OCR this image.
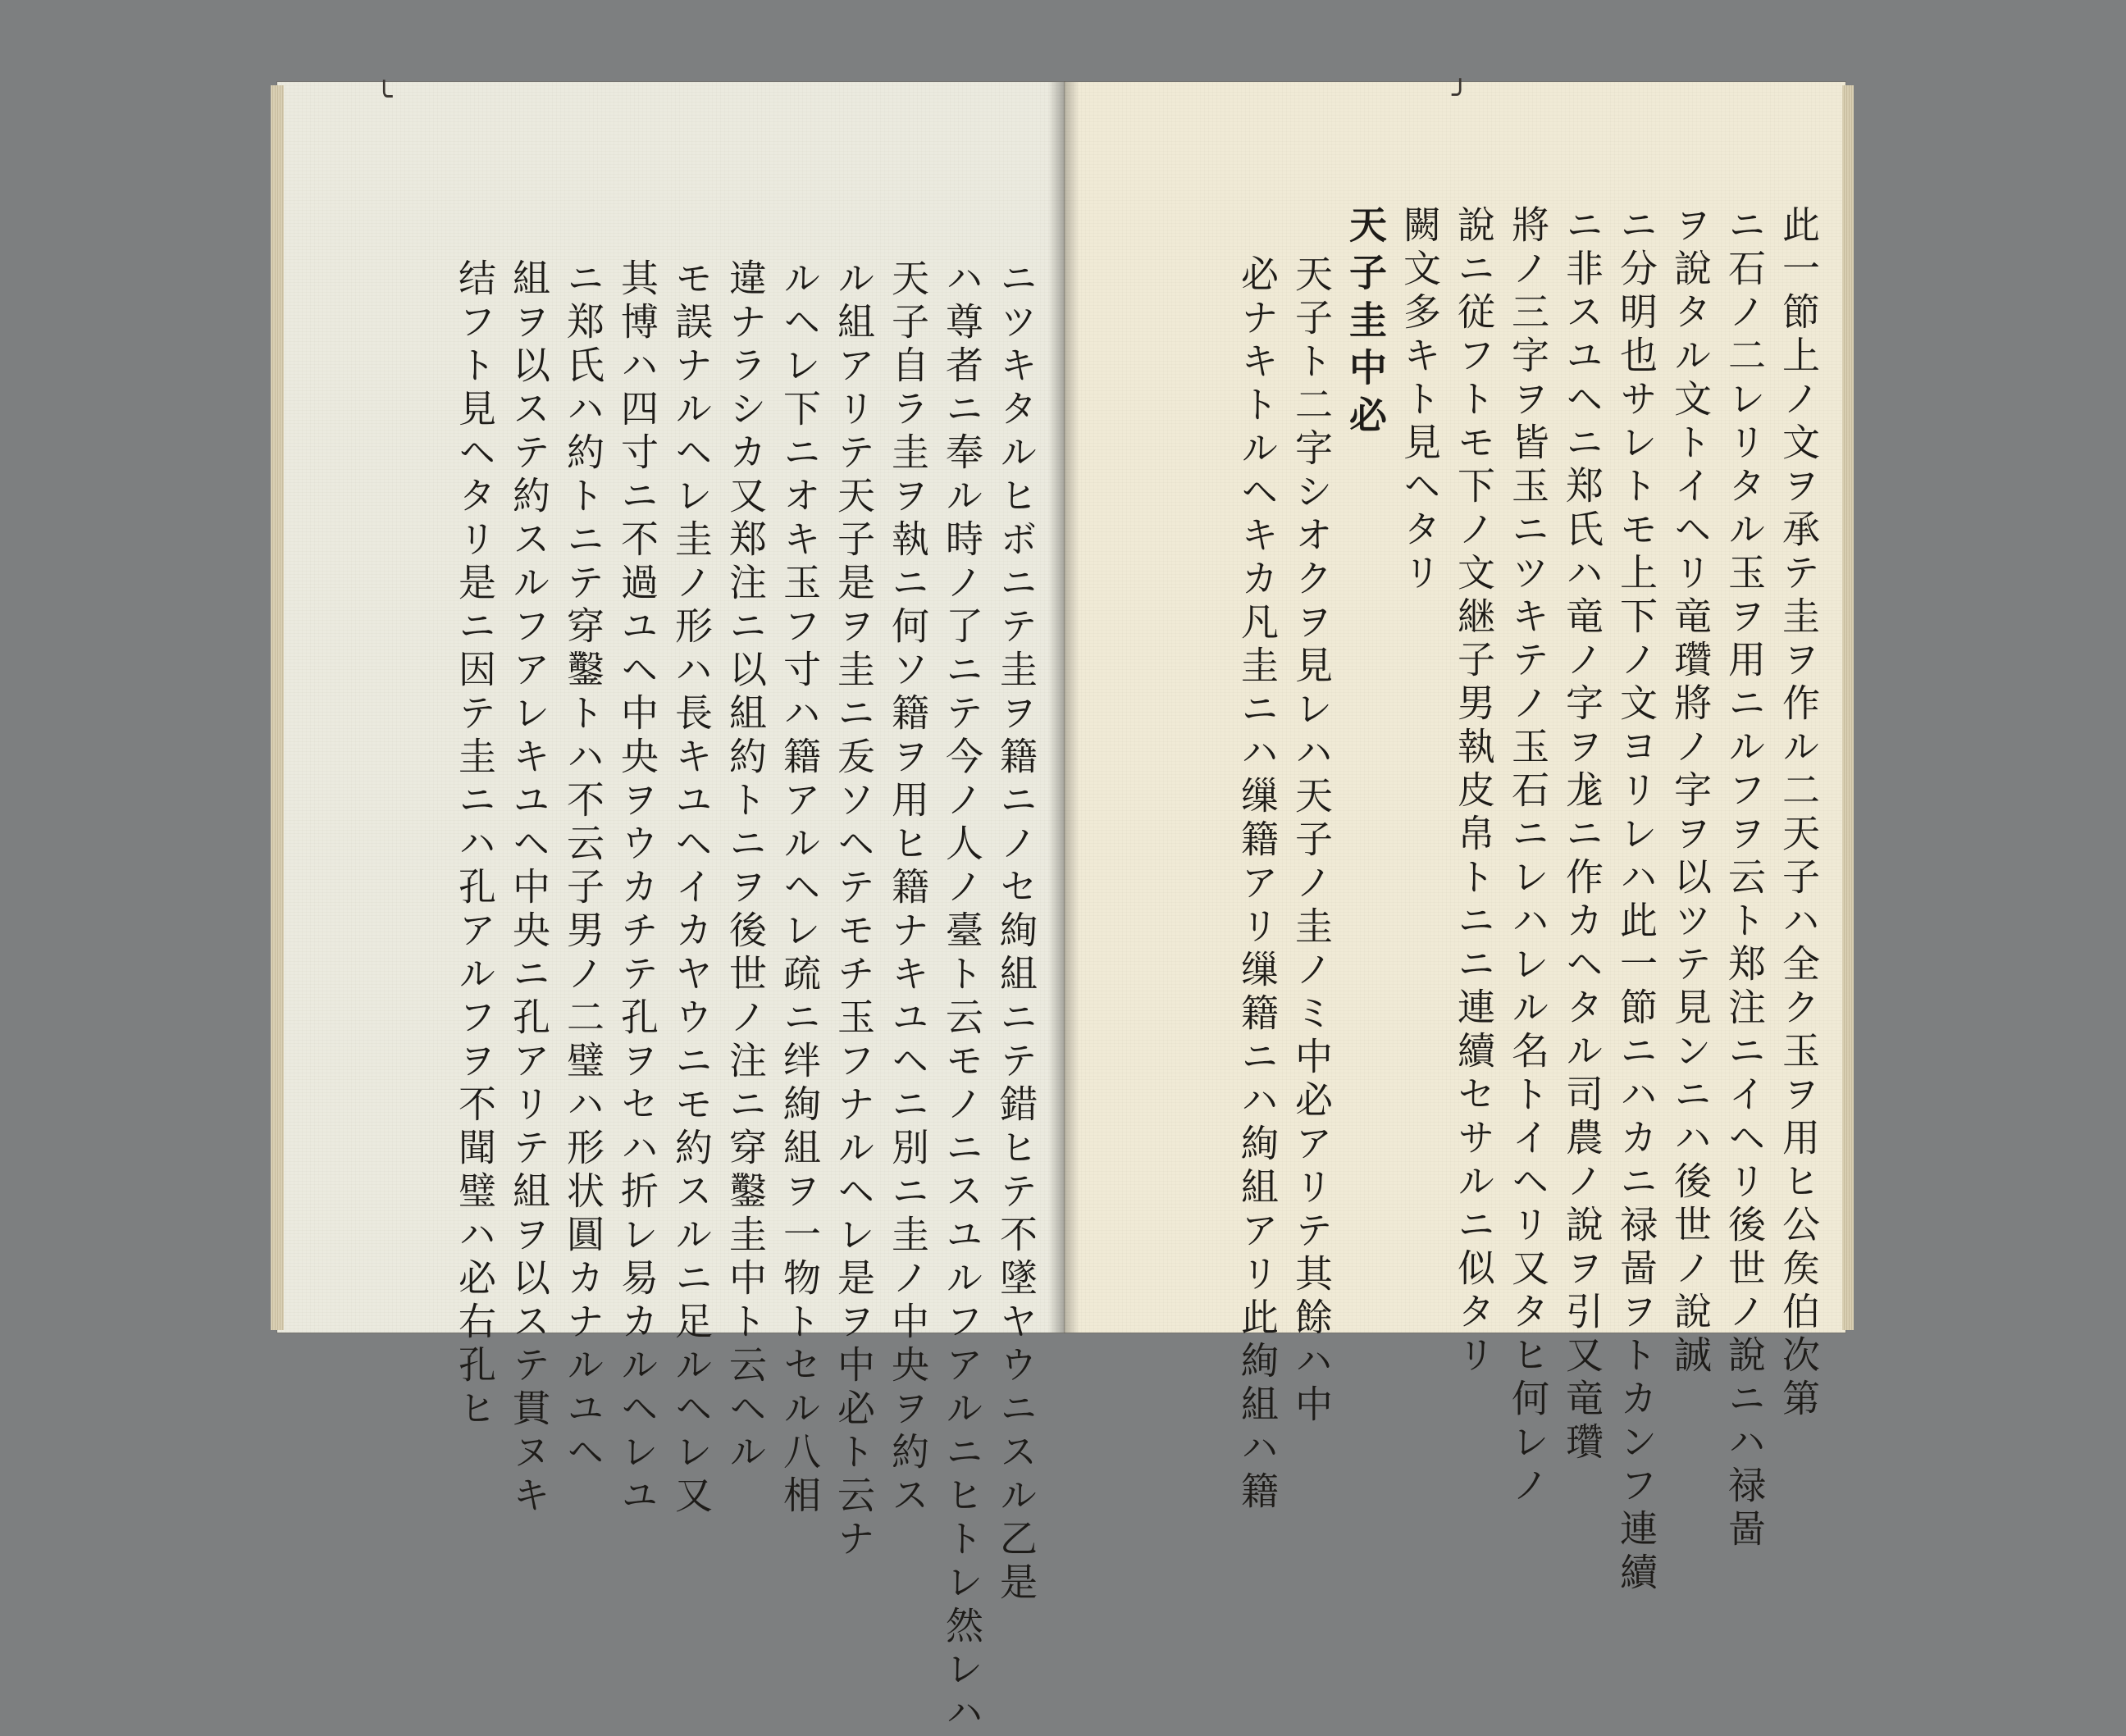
╰
ニツキタルヒボニテ圭ヲ籍ニノセ絢組ニテ錯ヒテ不墜ヤウニスル乙是
ハ尊者ニ奉ル時ノ了ニテ今ノ人ノ臺ト云モノニスユルフアルニヒトレ然レハ
天子自ラ圭ヲ執ニ何ソ籍ヲ用ヒ籍ナキユヘニ別ニ圭ノ中央ヲ約ス
ル組アリテ天子是ヲ圭ニ叐ソヘテモチ玉フナルヘレ是ヲ中必ト云ナ
ルヘレ下ニオキ玉フ寸ハ籍アルヘレ疏ニ绊絢組ヲ一物トセル八相
違ナラシカ又郑注ニ以組約トニヲ後世ノ注ニ穿鑿圭中ト云ヘル
モ誤ナルヘレ圭ノ形ハ長キユヘイカヤウニモ約スルニ足ルヘレ又
其博ハ四寸ニ不過ユヘ中央ヲウカチテ孔ヲセハ折レ易カルヘレユ
ニ郑氏ハ約トニテ穿鑿トハ不云子男ノ二璧ハ形状圓カナルユヘ
組ヲ以ステ約スルフアレキユヘ中央ニ孔アリテ組ヲ以ステ貫ヌキ
结フト見ヘタリ是ニ因テ圭ニハ孔アルフヲ不聞璧ハ必右孔ヒ
╯
此一節上ノ文ヲ承テ圭ヲ作ル二天子ハ全ク玉ヲ用ヒ公矦伯次第
ニ石ノ二レリタル玉ヲ用ニルフヲ云ト郑注ニイヘリ後世ノ說ニハ禄啚
ヲ說タル文トイヘリ竜瓚將ノ字ヲ以ツテ見ンニハ後世ノ說誠
ニ分明也サレトモ上下ノ文ヨリレハ此一節ニハカニ禄啚ヲトカンフ連續
ニ非スユヘニ郑氏ハ竜ノ字ヲ尨ニ作カヘタル司農ノ說ヲ引又竜瓚
將ノ三字ヲ皆玉ニツキテノ玉石ニレハレル名トイヘリ又タヒ何レノ
說ニ従フトモ下ノ文継子男執皮帛トニニ連續セサルニ似タリ
闕文多キト見ヘタリ
天子圭中必
天子ト二字シオクヲ見レハ天子ノ圭ノミ中必アリテ其餘ハ中
必ナキトルヘキカ凡圭ニハ缫籍アリ缫籍ニハ絢組アリ此絢組ハ籍
